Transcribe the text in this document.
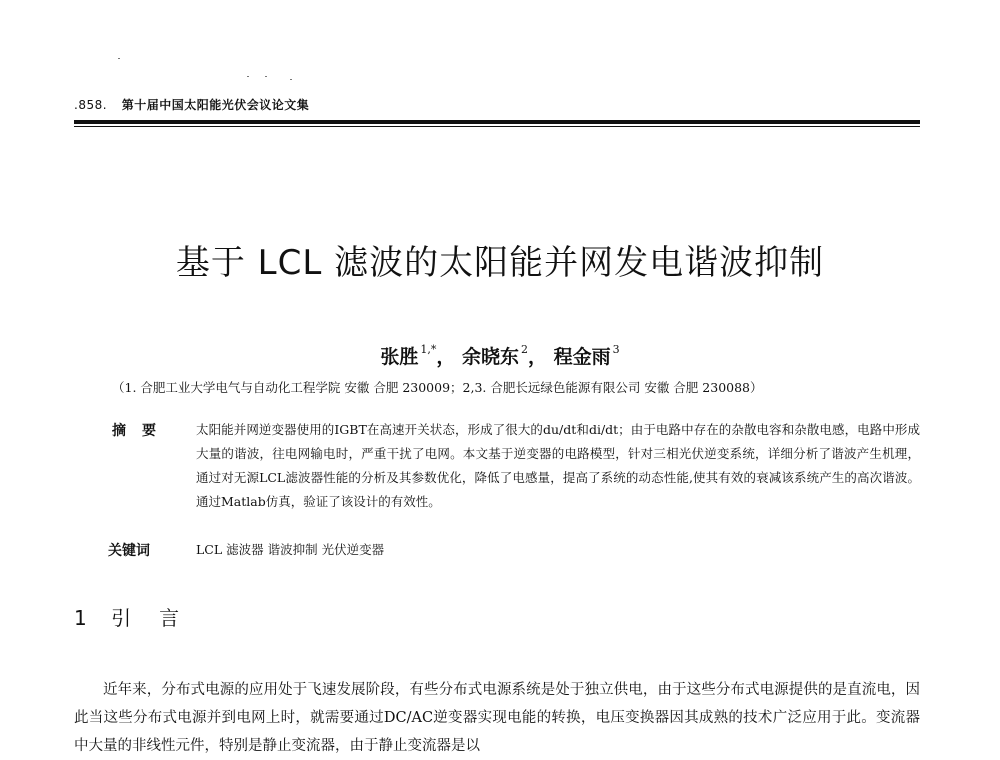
.858. 第十届中国太阳能光伏会议论文集
基于 LCL 滤波的太阳能并网发电谐波抑制
张胜 $^{1,*}$， 余晓东 $^2$， 程金雨 $^3$
（1. 合肥工业大学电气与自动化工程学院 安徽 合肥 230009；2,3. 合肥长远绿色能源有限公司 安徽 合肥 230088）
摘要 太阳能并网逆变器使用的IGBT在高速开关状态，形成了很大的du/dt和di/dt；由于电路中存在的杂散电容和杂散电感，电路中形成大量的谐波，往电网输电时，严重干扰了电网。本文基于逆变器的电路模型，针对三相光伏逆变系统，详细分析了谐波产生机理，通过对无源LCL滤波器性能的分析及其参数优化，降低了电感量，提高了系统的动态性能,使其有效的衰减该系统产生的高次谐波。通过Matlab仿真，验证了该设计的有效性。
关键词	LCL 滤波器 谐波抑制 光伏逆变器
1 引言

近年来，分布式电源的应用处于飞速发展阶段，有些分布式电源系统是处于独立供电，由于这些分布式电源提供的是直流电，因此当这些分布式电源并到电网上时，就需要通过DC/AC逆变器实现电能的转换，电压变换器因其成熟的技术广泛应用于此。变流器中大量的非线性元件，特别是静止变流器，由于静止变流器是以
